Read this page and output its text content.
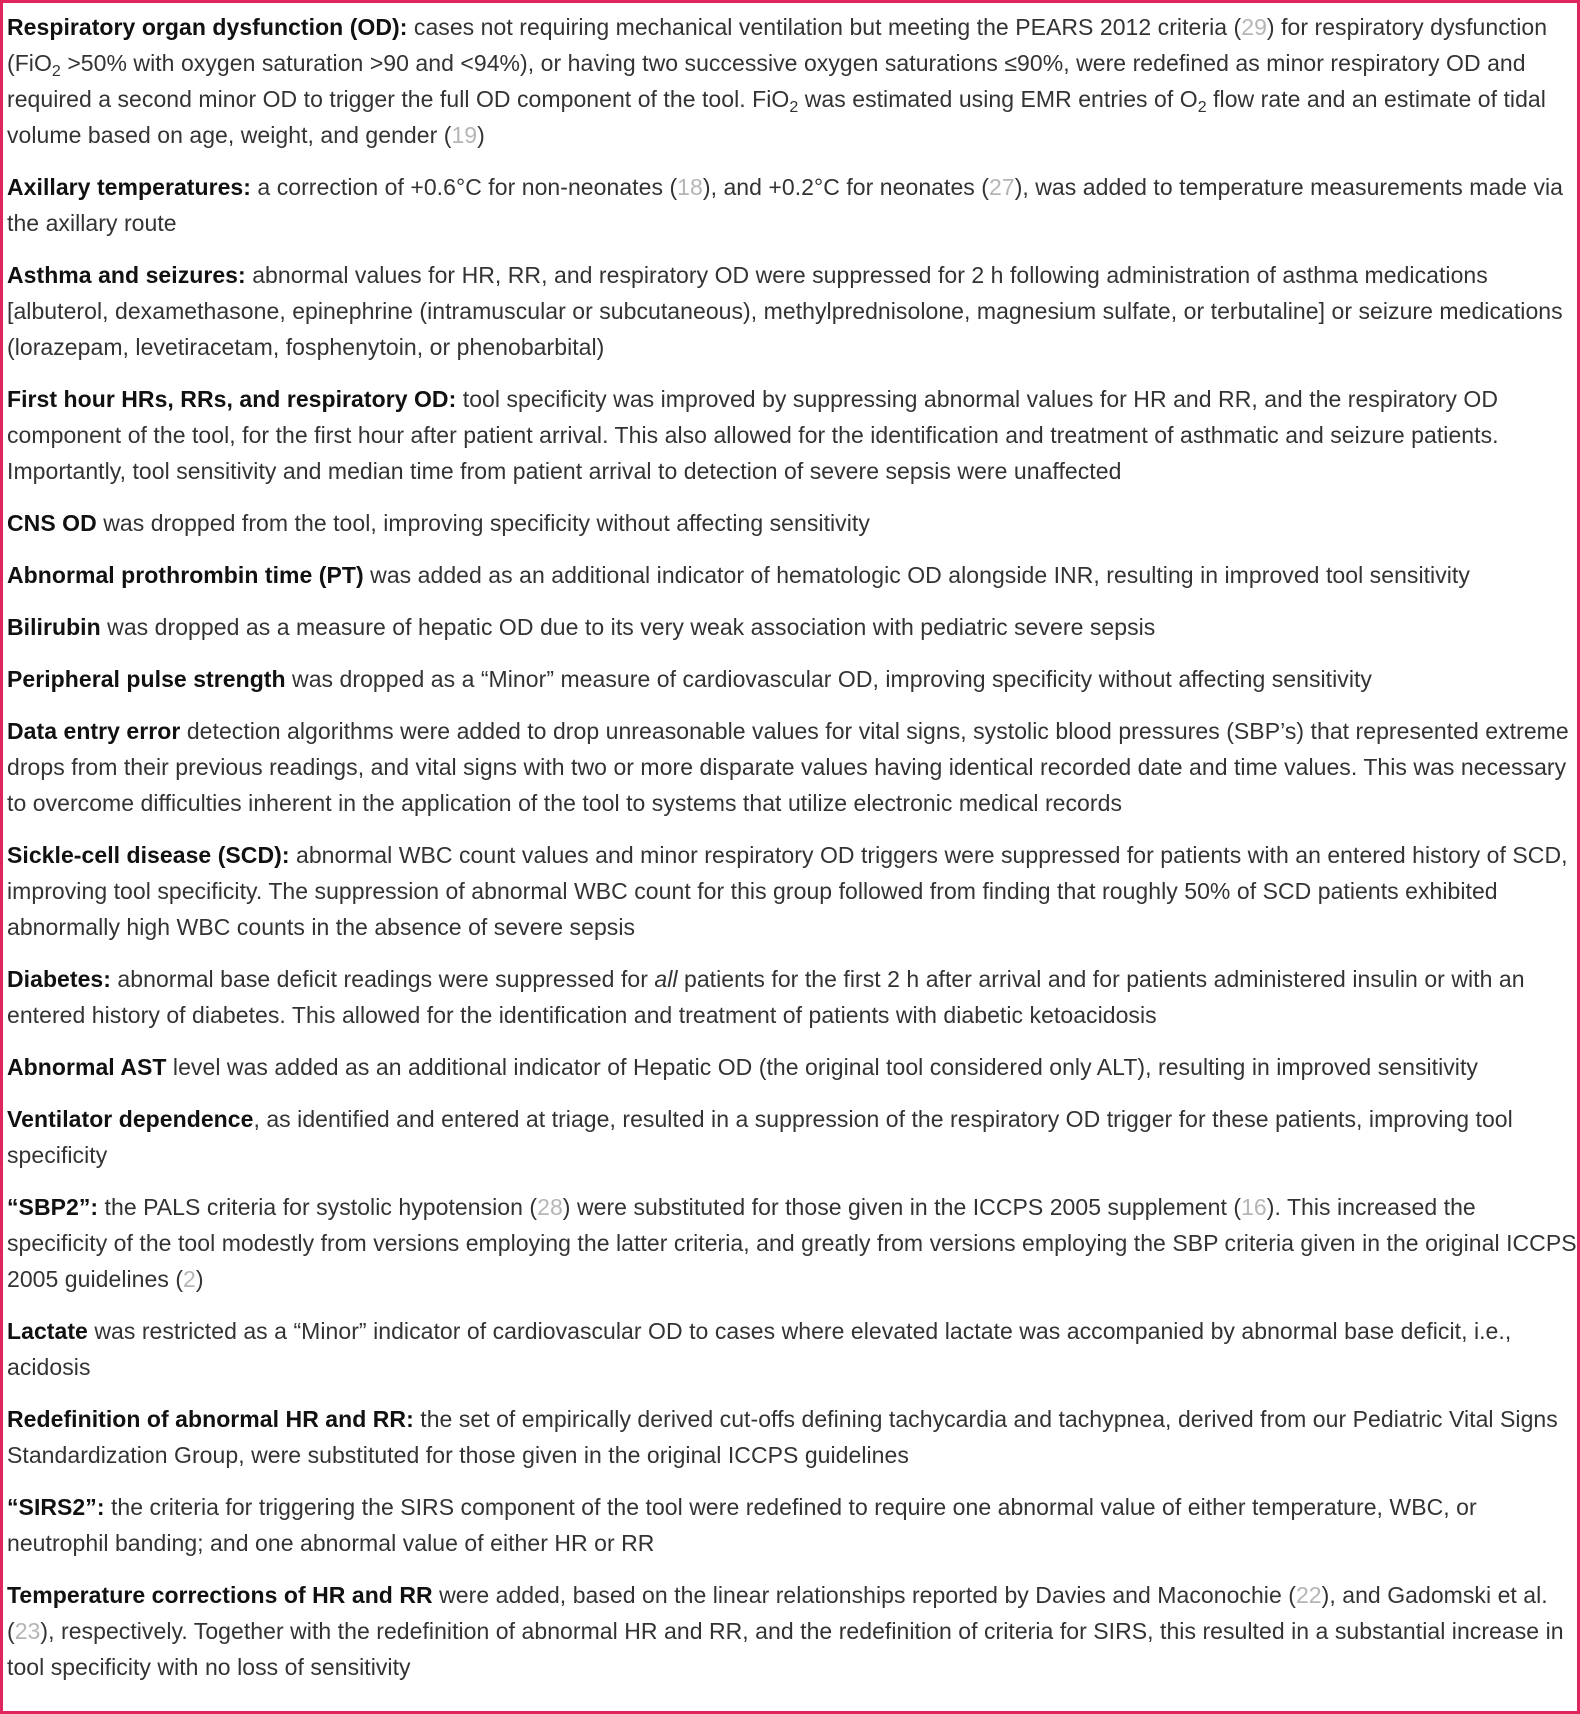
Respiratory organ dysfunction (OD): cases not requiring mechanical ventilation but meeting the PEARS 2012 criteria (29) for respiratory dysfunction (FiO$_2$ >50% with oxygen saturation >90 and <94%), or having two successive oxygen saturations ≤90%, were redefined as minor respiratory OD and required a second minor OD to trigger the full OD component of the tool. FiO$_2$ was estimated using EMR entries of $O_2$ flow rate and an estimate of tidal volume based on age, weight, and gender (19)

Axillary temperatures: a correction of +0.6°C for non-neonates (18), and +0.2°C for neonates (27), was added to temperature measurements made via the axillary route

Asthma and seizures: abnormal values for HR, RR, and respiratory OD were suppressed for 2 h following administration of asthma medications [albuterol, dexamethasone, epinephrine (intramuscular or subcutaneous), methylprednisolone, magnesium sulfate, or terbutaline] or seizure medications (lorazepam, levetiracetam, fosphenytoin, or phenobarbital)

First hour HRs, RRs, and respiratory OD: tool specificity was improved by suppressing abnormal values for HR and RR, and the respiratory OD component of the tool, for the first hour after patient arrival. This also allowed for the identification and treatment of asthmatic and seizure patients. Importantly, tool sensitivity and median time from patient arrival to detection of severe sepsis were unaffected

CNS OD was dropped from the tool, improving specificity without affecting sensitivity

Abnormal prothrombin time (PT) was added as an additional indicator of hematologic OD alongside INR, resulting in improved tool sensitivity

Bilirubin was dropped as a measure of hepatic OD due to its very weak association with pediatric severe sepsis

Peripheral pulse strength was dropped as a “Minor” measure of cardiovascular OD, improving specificity without affecting sensitivity

Data entry error detection algorithms were added to drop unreasonable values for vital signs, systolic blood pressures (SBP’s) that represented extreme drops from their previous readings, and vital signs with two or more disparate values having identical recorded date and time values. This was necessary to overcome difficulties inherent in the application of the tool to systems that utilize electronic medical records

Sickle-cell disease (SCD): abnormal WBC count values and minor respiratory OD triggers were suppressed for patients with an entered history of SCD, improving tool specificity. The suppression of abnormal WBC count for this group followed from finding that roughly 50% of SCD patients exhibited abnormally high WBC counts in the absence of severe sepsis

Diabetes: abnormal base deficit readings were suppressed for all patients for the first 2 h after arrival and for patients administered insulin or with an entered history of diabetes. This allowed for the identification and treatment of patients with diabetic ketoacidosis

Abnormal AST level was added as an additional indicator of Hepatic OD (the original tool considered only ALT), resulting in improved sensitivity

Ventilator dependence, as identified and entered at triage, resulted in a suppression of the respiratory OD trigger for these patients, improving tool specificity

“SBP2”: the PALS criteria for systolic hypotension (28) were substituted for those given in the ICCPS 2005 supplement (16). This increased the specificity of the tool modestly from versions employing the latter criteria, and greatly from versions employing the SBP criteria given in the original ICCPS 2005 guidelines (2)

Lactate was restricted as a “Minor” indicator of cardiovascular OD to cases where elevated lactate was accompanied by abnormal base deficit, i.e., acidosis

Redefinition of abnormal HR and RR: the set of empirically derived cut-offs defining tachycardia and tachypnea, derived from our Pediatric Vital Signs Standardization Group, were substituted for those given in the original ICCPS guidelines

“SIRS2”: the criteria for triggering the SIRS component of the tool were redefined to require one abnormal value of either temperature, WBC, or neutrophil banding; and one abnormal value of either HR or RR

Temperature corrections of HR and RR were added, based on the linear relationships reported by Davies and Maconochie (22), and Gadomski et al. (23), respectively. Together with the redefinition of abnormal HR and RR, and the redefinition of criteria for SIRS, this resulted in a substantial increase in tool specificity with no loss of sensitivity
